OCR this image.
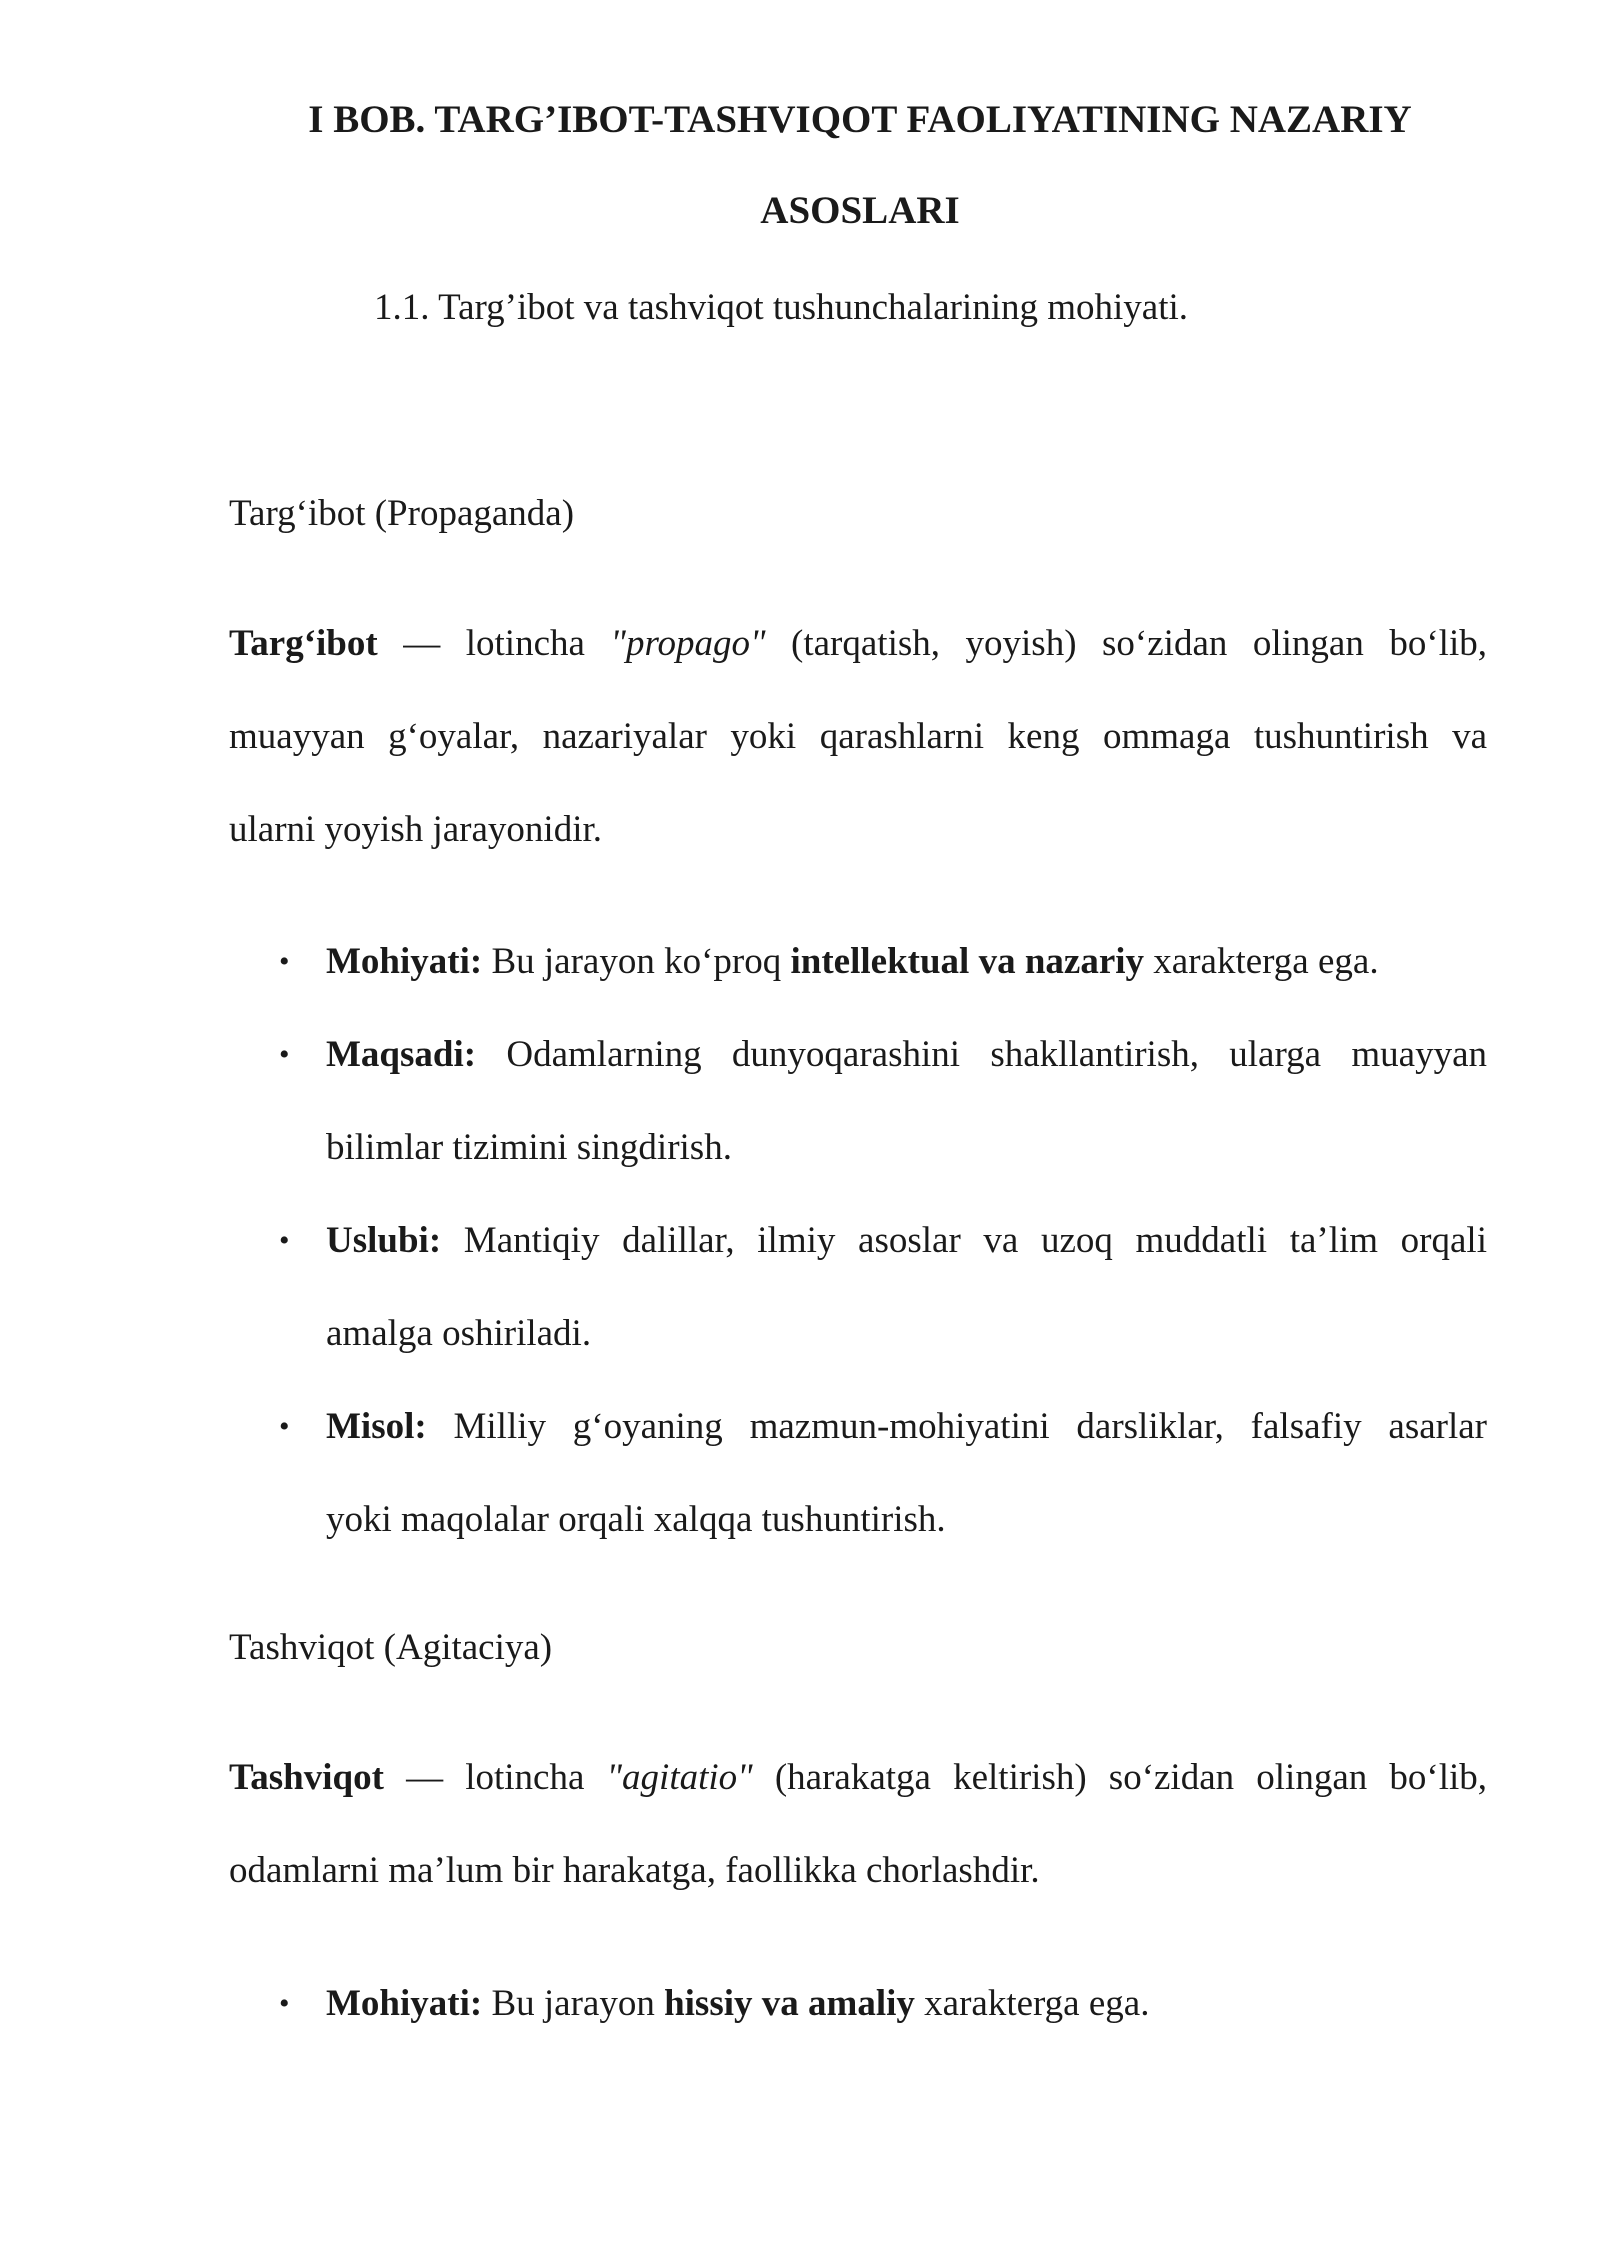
I BOB. TARG’IBOT-TASHVIQOT FAOLIYATINING NAZARIY
ASOSLARI
1.1. Targ’ibot va tashviqot tushunchalarining mohiyati.
Targ‘ibot (Propaganda)
Targ‘ibot — lotincha "propago" (tarqatish, yoyish) so‘zidan olingan bo‘lib,
muayyan g‘oyalar, nazariyalar yoki qarashlarni keng ommaga tushuntirish va
ularni yoyish jarayonidir.
• Mohiyati: Bu jarayon ko‘proq intellektual va nazariy xarakterga ega.
• Maqsadi: Odamlarning dunyoqarashini shakllantirish, ularga muayyan
bilimlar tizimini singdirish.
• Uslubi: Mantiqiy dalillar, ilmiy asoslar va uzoq muddatli ta’lim orqali
amalga oshiriladi.
• Misol: Milliy g‘oyaning mazmun-mohiyatini darsliklar, falsafiy asarlar
yoki maqolalar orqali xalqqa tushuntirish.
Tashviqot (Agitaciya)
Tashviqot — lotincha "agitatio" (harakatga keltirish) so‘zidan olingan bo‘lib,
odamlarni ma’lum bir harakatga, faollikka chorlashdir.
• Mohiyati: Bu jarayon hissiy va amaliy xarakterga ega.
